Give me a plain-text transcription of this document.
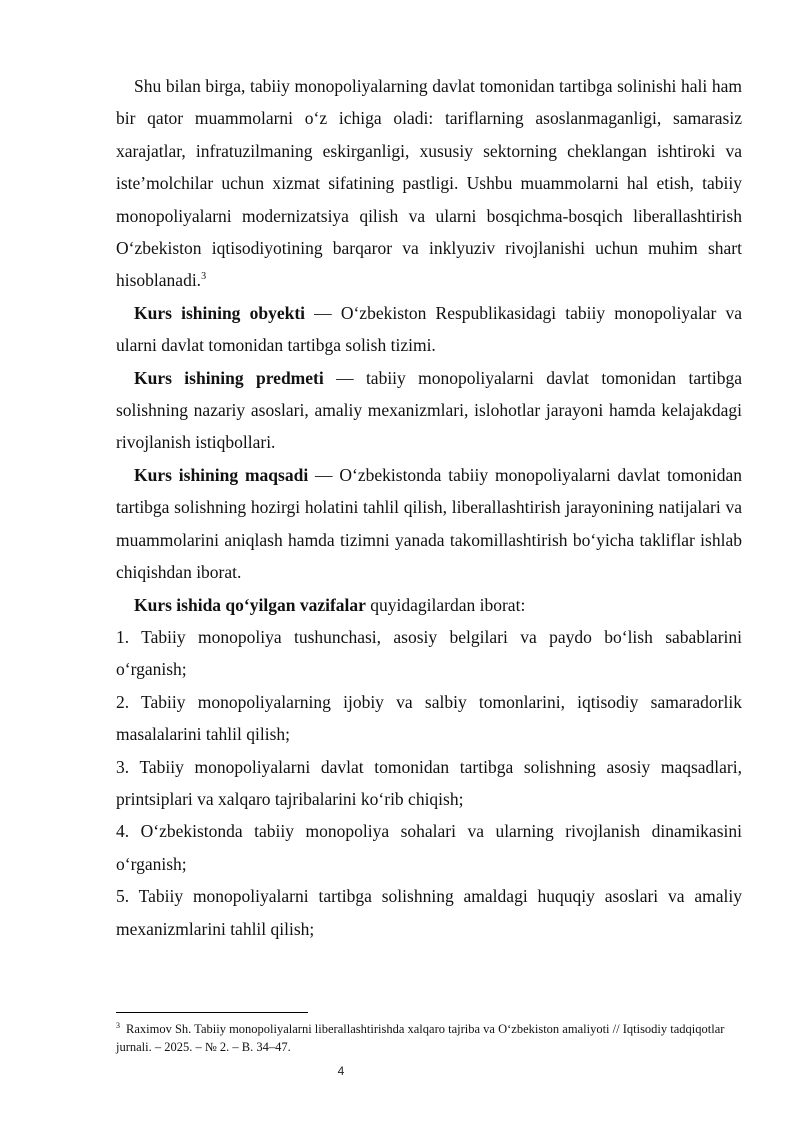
Shu bilan birga, tabiiy monopoliyalarning davlat tomonidan tartibga solinishi hali ham bir qator muammolarni o‘z ichiga oladi: tariflarning asoslanmaganligi, samarasiz xarajatlar, infratuzilmaning eskirganligi, xususiy sektorning cheklangan ishtiroki va iste’molchilar uchun xizmat sifatining pastligi. Ushbu muammolarni hal etish, tabiiy monopoliyalarni modernizatsiya qilish va ularni bosqichma-bosqich liberallashtirish O‘zbekiston iqtisodiyotining barqaror va inklyuziv rivojlanishi uchun muhim shart hisoblanadi.$^3$

Kurs ishining obyekti — O‘zbekiston Respublikasidagi tabiiy monopoliyalar va ularni davlat tomonidan tartibga solish tizimi.

Kurs ishining predmeti — tabiiy monopoliyalarni davlat tomonidan tartibga solishning nazariy asoslari, amaliy mexanizmlari, islohotlar jarayoni hamda kelajakdagi rivojlanish istiqbollari.

Kurs ishining maqsadi — O‘zbekistonda tabiiy monopoliyalarni davlat tomonidan tartibga solishning hozirgi holatini tahlil qilish, liberallashtirish jarayonining natijalari va muammolarini aniqlash hamda tizimni yanada takomillashtirish bo‘yicha takliflar ishlab chiqishdan iborat.

Kurs ishida qo‘yilgan vazifalar quyidagilardan iborat:

1. Tabiiy monopoliya tushunchasi, asosiy belgilari va paydo bo‘lish sabablarini o‘rganish;

2. Tabiiy monopoliyalarning ijobiy va salbiy tomonlarini, iqtisodiy samaradorlik masalalarini tahlil qilish;

3. Tabiiy monopoliyalarni davlat tomonidan tartibga solishning asosiy maqsadlari, printsiplari va xalqaro tajribalarini ko‘rib chiqish;

4. O‘zbekistonda tabiiy monopoliya sohalari va ularning rivojlanish dinamikasini o‘rganish;

5. Tabiiy monopoliyalarni tartibga solishning amaldagi huquqiy asoslari va amaliy mexanizmlarini tahlil qilish;

$^3$ Raximov Sh. Tabiiy monopoliyalarni liberallashtirishda xalqaro tajriba va O‘zbekiston amaliyoti // Iqtisodiy tadqiqotlar jurnali. – 2025. – № 2. – B. 34–47.

4
